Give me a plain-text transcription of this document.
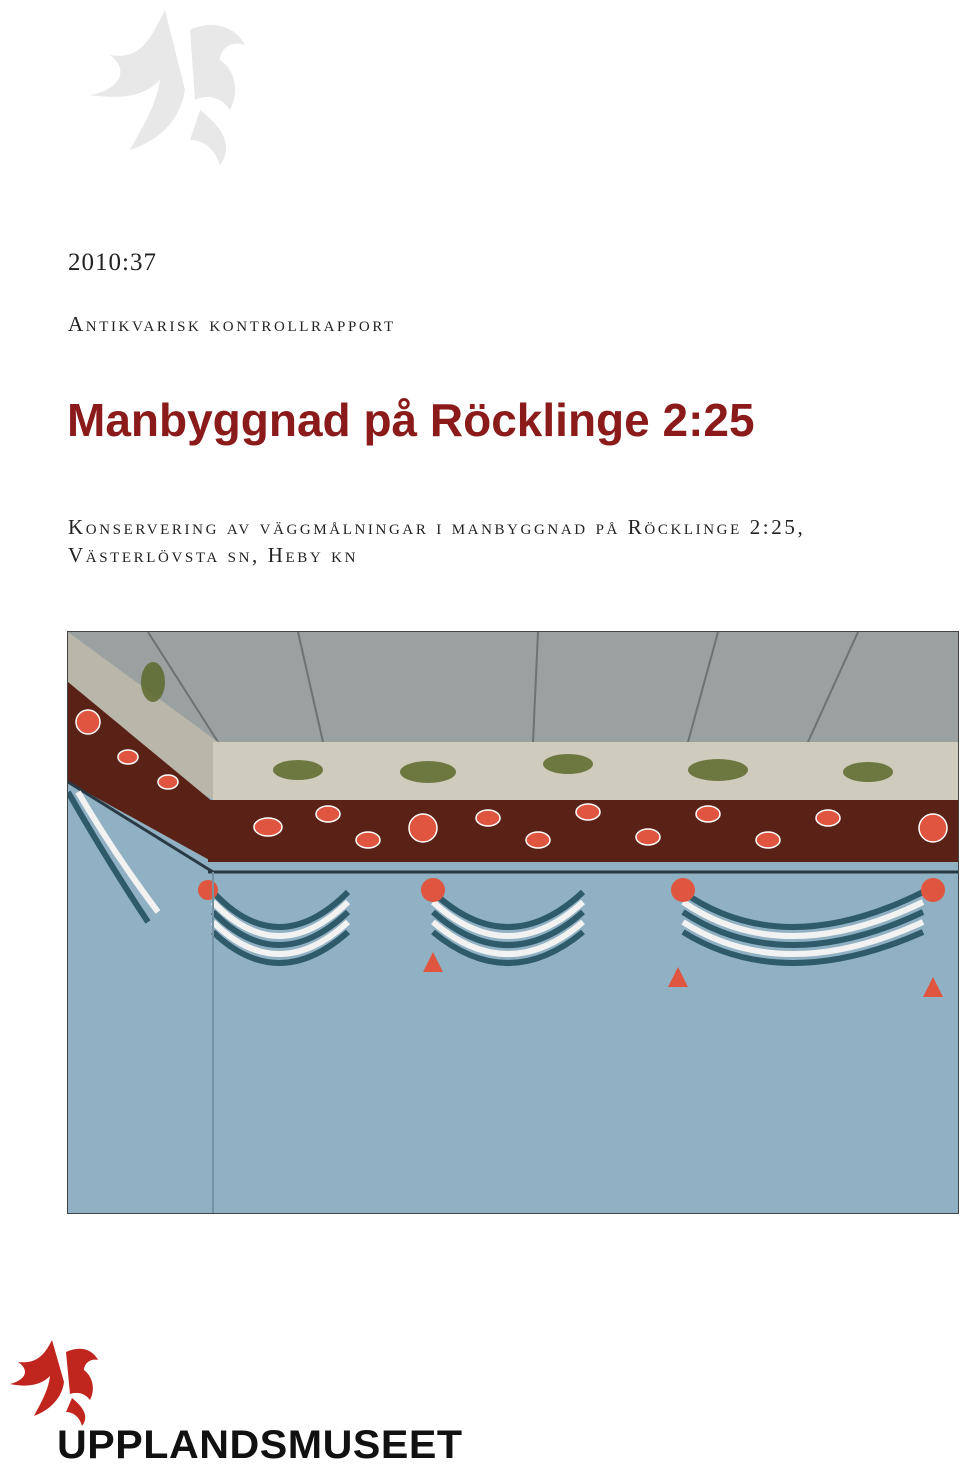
2010:37
Antikvarisk kontrollrapport
Manbyggnad på Röcklinge 2:25
Konservering av väggmålningar i manbyggnad på Röcklinge 2:25, Västerlövsta sn, Heby kn
UPPLANDSMUSEET
